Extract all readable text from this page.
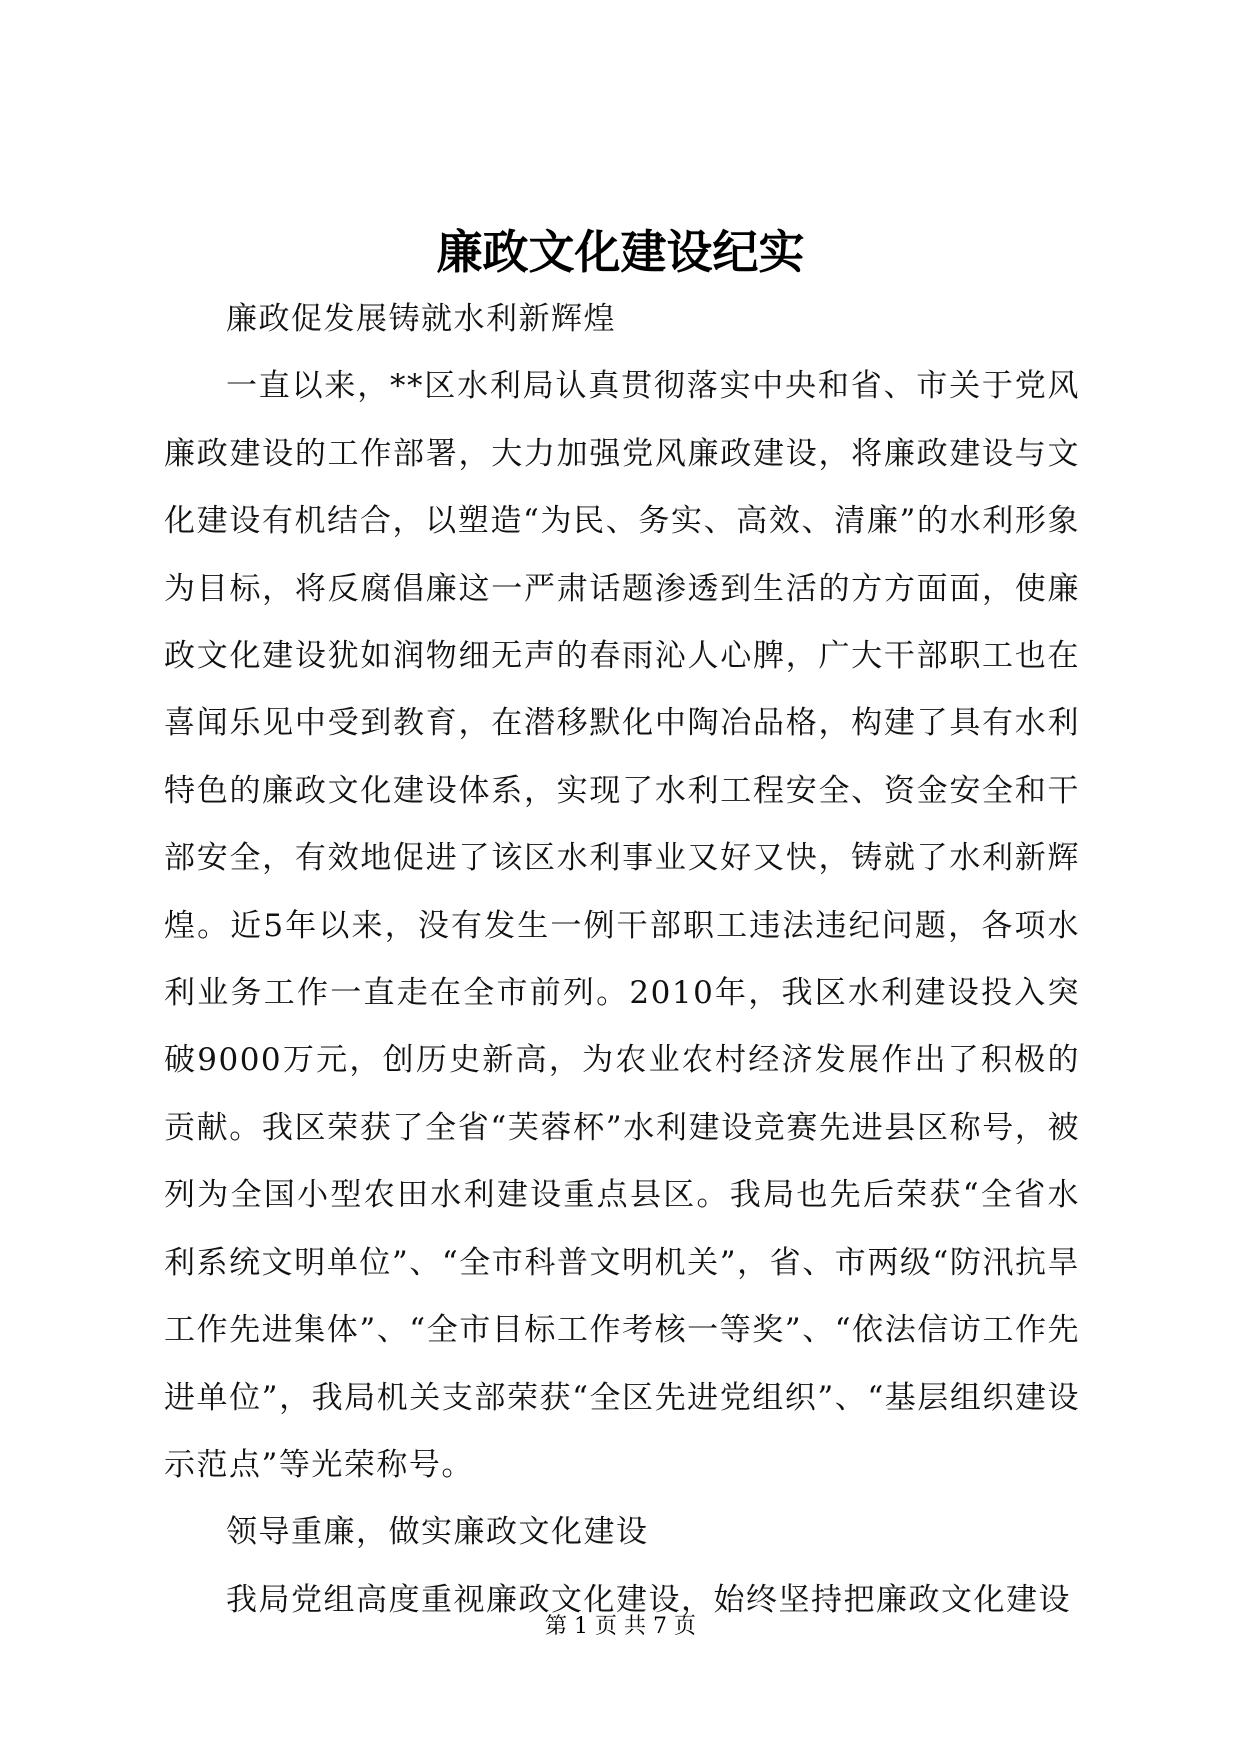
廉政文化建设纪实

廉政促发展铸就水利新辉煌

一直以来，**区水利局认真贯彻落实中央和省、市关于党风廉政建设的工作部署，大力加强党风廉政建设，将廉政建设与文化建设有机结合，以塑造“为民、务实、高效、清廉”的水利形象为目标，将反腐倡廉这一严肃话题渗透到生活的方方面面，使廉政文化建设犹如润物细无声的春雨沁人心脾，广大干部职工也在喜闻乐见中受到教育，在潜移默化中陶冶品格，构建了具有水利特色的廉政文化建设体系，实现了水利工程安全、资金安全和干部安全，有效地促进了该区水利事业又好又快，铸就了水利新辉煌。近5年以来，没有发生一例干部职工违法违纪问题，各项水利业务工作一直走在全市前列。2010年，我区水利建设投入突破9000万元，创历史新高，为农业农村经济发展作出了积极的贡献。我区荣获了全省“芙蓉杯”水利建设竞赛先进县区称号，被列为全国小型农田水利建设重点县区。我局也先后荣获“全省水利系统文明单位”、“全市科普文明机关”，省、市两级“防汛抗旱工作先进集体”、“全市目标工作考核一等奖”、“依法信访工作先进单位”，我局机关支部荣获“全区先进党组织”、“基层组织建设示范点”等光荣称号。

领导重廉，做实廉政文化建设

我局党组高度重视廉政文化建设，始终坚持把廉政文化建设

第 1 页 共 7 页
